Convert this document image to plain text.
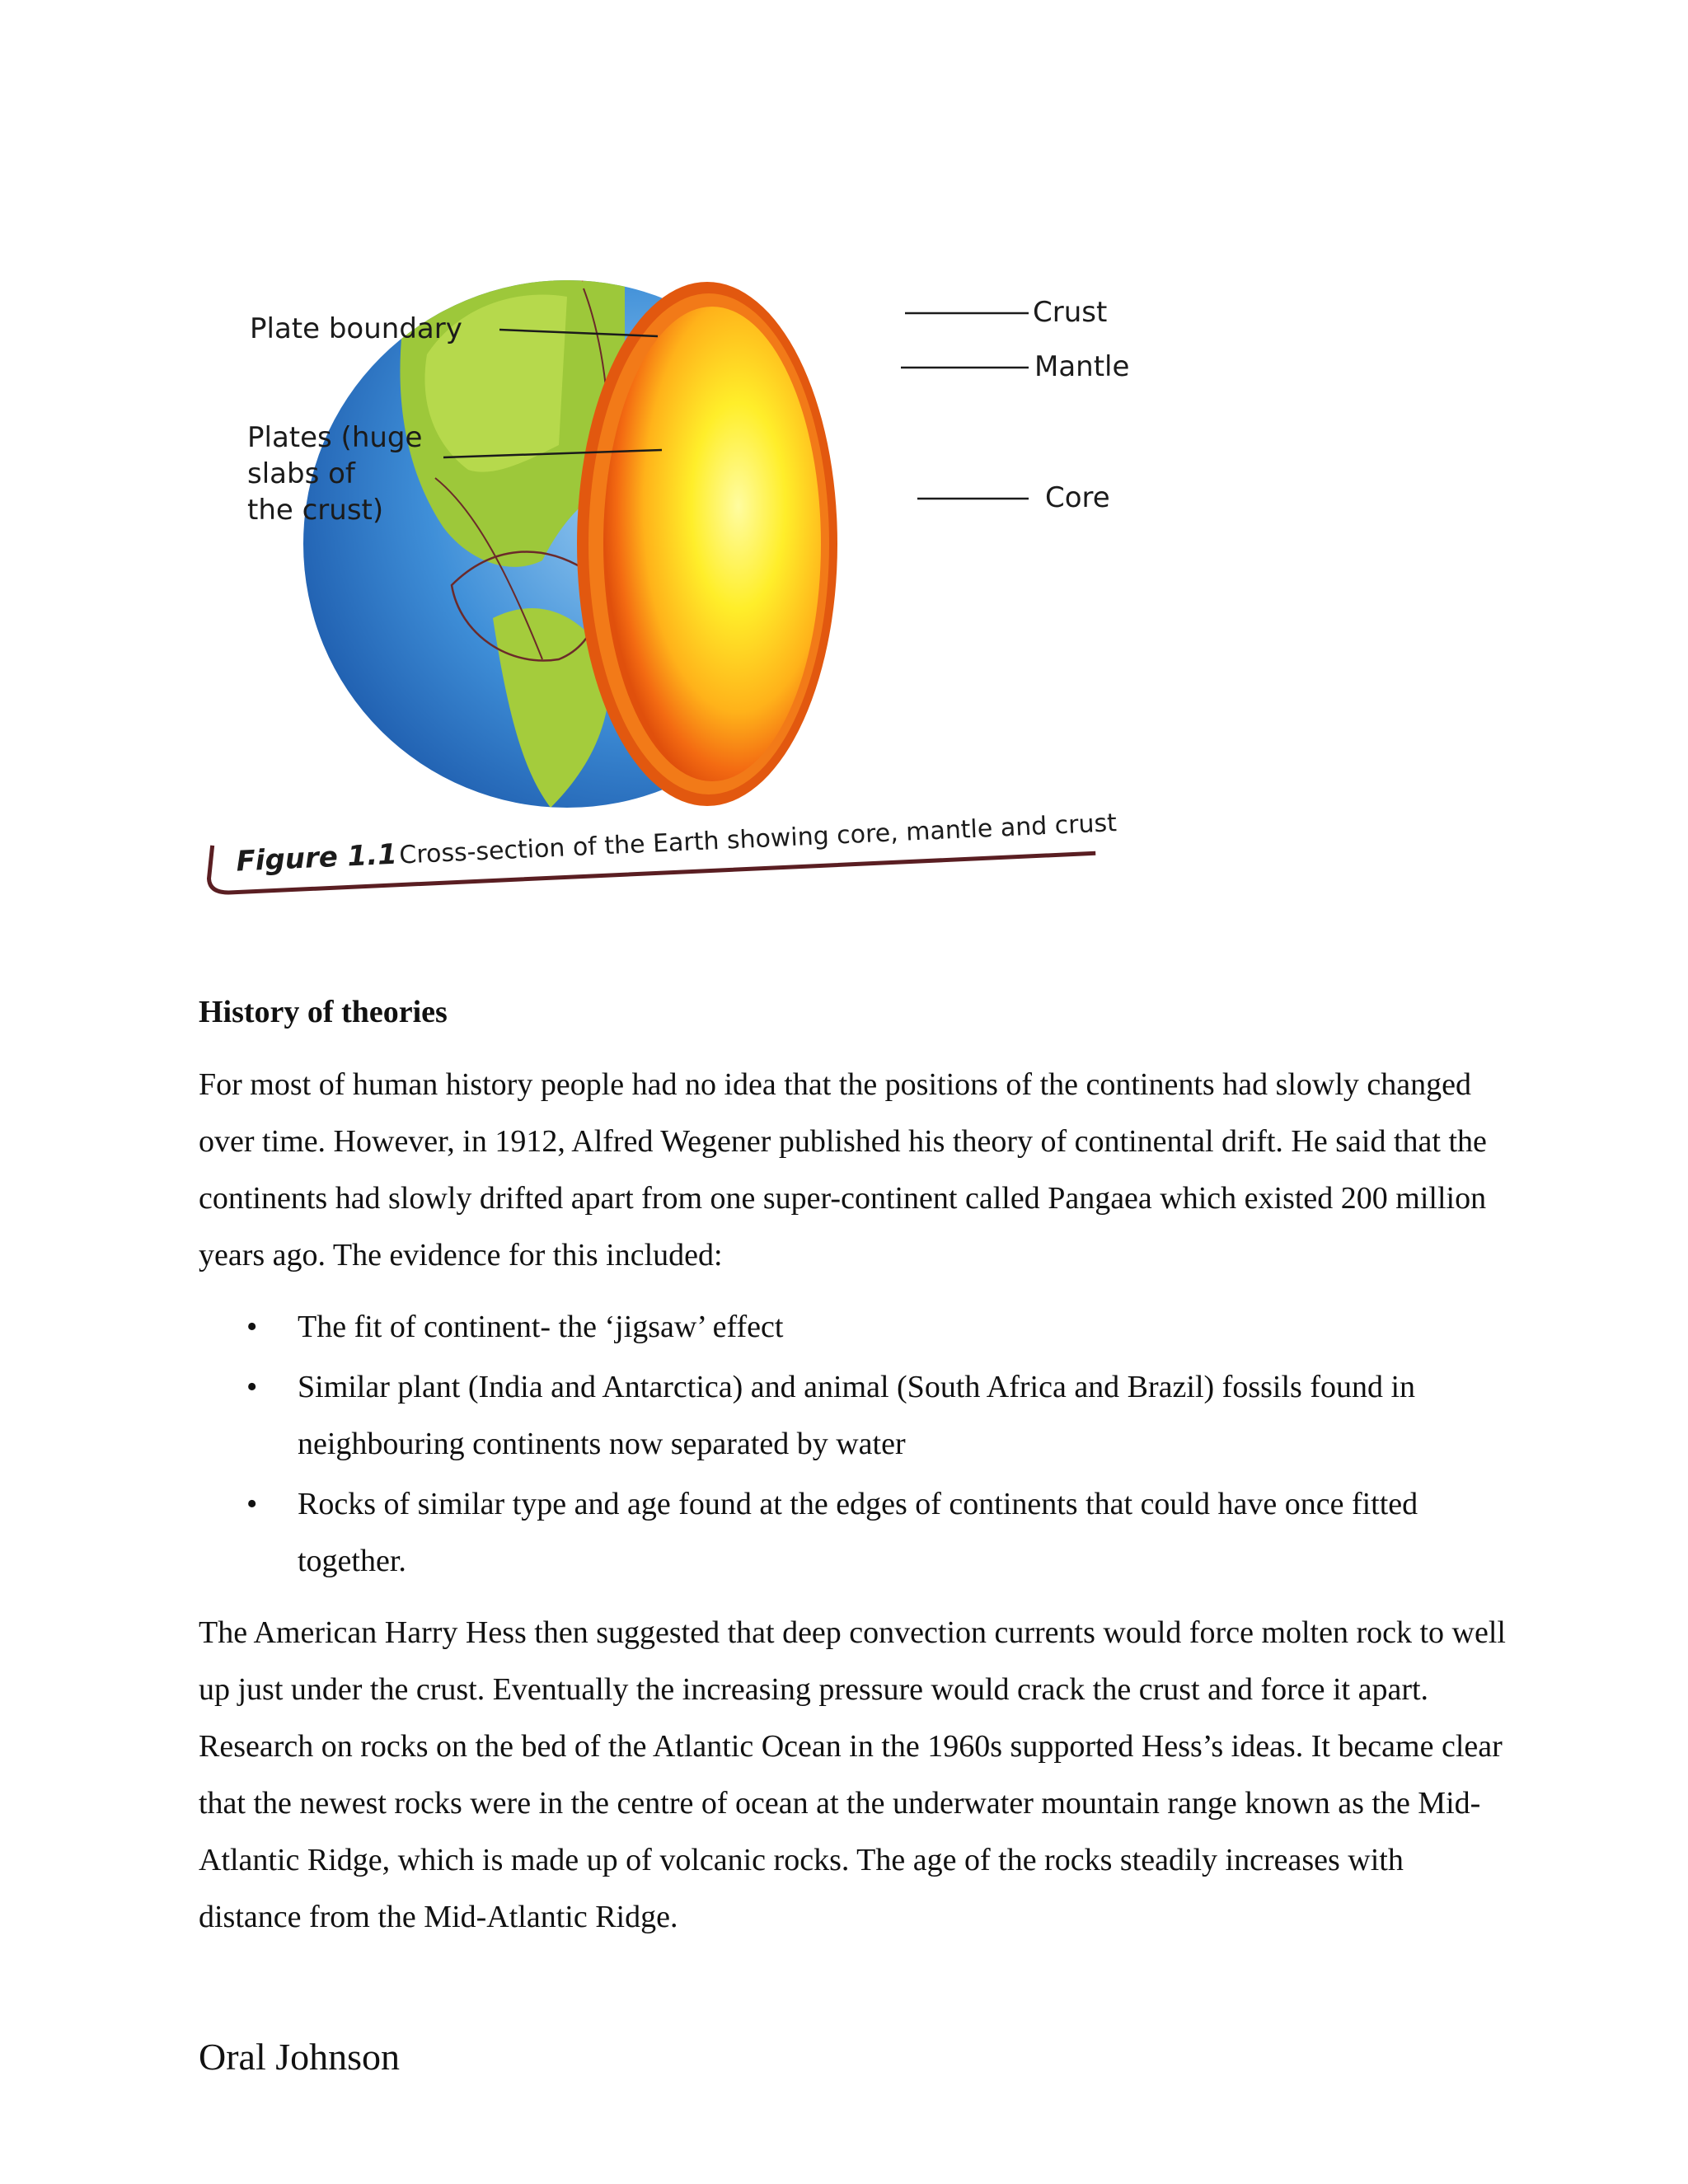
Plate boundary
Plates (huge
slabs of
the crust)
Crust
Mantle
Core
Figure 1.1 Cross-section of the Earth showing core, mantle and crust
History of theories

For most of human history people had no idea that the positions of the continents had slowly changed over time. However, in 1912, Alfred Wegener published his theory of continental drift. He said that the continents had slowly drifted apart from one super-continent called Pangaea which existed 200 million years ago. The evidence for this included:

• The fit of continent- the ‘jigsaw’ effect
• Similar plant (India and Antarctica) and animal (South Africa and Brazil) fossils found in neighbouring continents now separated by water
• Rocks of similar type and age found at the edges of continents that could have once fitted together.

The American Harry Hess then suggested that deep convection currents would force molten rock to well up just under the crust. Eventually the increasing pressure would crack the crust and force it apart. Research on rocks on the bed of the Atlantic Ocean in the 1960s supported Hess’s ideas. It became clear that the newest rocks were in the centre of ocean at the underwater mountain range known as the Mid-Atlantic Ridge, which is made up of volcanic rocks. The age of the rocks steadily increases with distance from the Mid-Atlantic Ridge.

Oral Johnson
